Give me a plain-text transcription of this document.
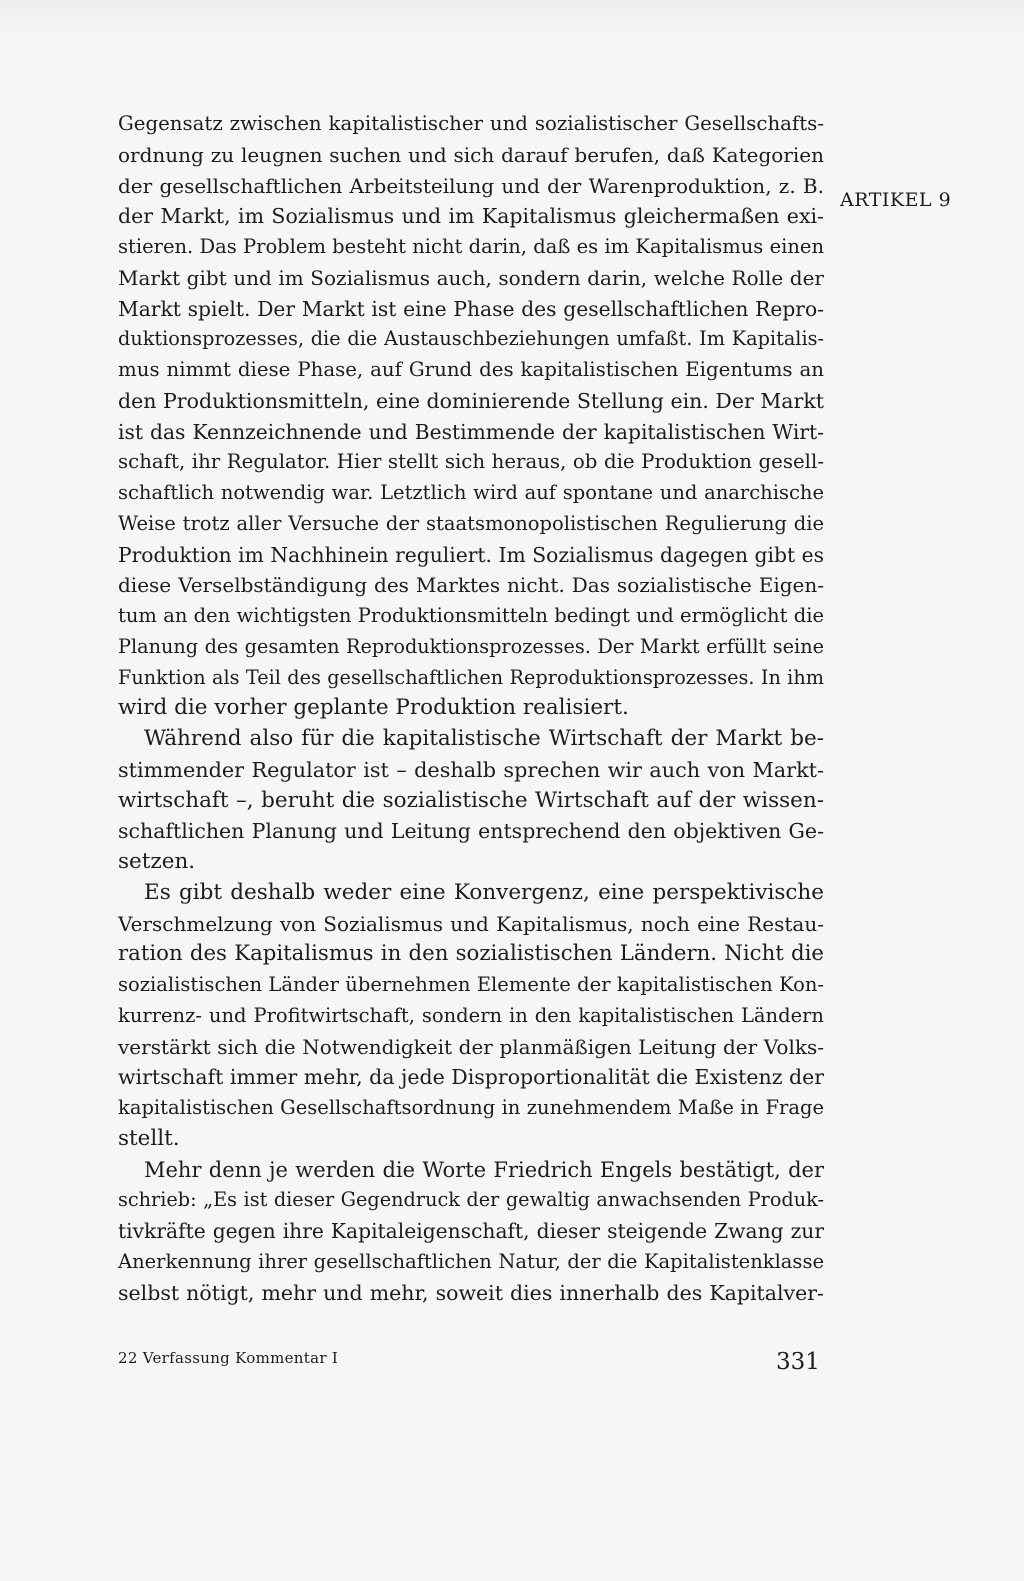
Gegensatz zwischen kapitalistischer und sozialistischer Gesellschafts-
ordnung zu leugnen suchen und sich darauf berufen, daß Kategorien
der gesellschaftlichen Arbeitsteilung und der Warenproduktion, z. B.
der Markt, im Sozialismus und im Kapitalismus gleichermaßen exi-
stieren. Das Problem besteht nicht darin, daß es im Kapitalismus einen
Markt gibt und im Sozialismus auch, sondern darin, welche Rolle der
Markt spielt. Der Markt ist eine Phase des gesellschaftlichen Repro-
duktionsprozesses, die die Austauschbeziehungen umfaßt. Im Kapitalis-
mus nimmt diese Phase, auf Grund des kapitalistischen Eigentums an
den Produktionsmitteln, eine dominierende Stellung ein. Der Markt
ist das Kennzeichnende und Bestimmende der kapitalistischen Wirt-
schaft, ihr Regulator. Hier stellt sich heraus, ob die Produktion gesell-
schaftlich notwendig war. Letztlich wird auf spontane und anarchische
Weise trotz aller Versuche der staatsmonopolistischen Regulierung die
Produktion im Nachhinein reguliert. Im Sozialismus dagegen gibt es
diese Verselbständigung des Marktes nicht. Das sozialistische Eigen-
tum an den wichtigsten Produktionsmitteln bedingt und ermöglicht die
Planung des gesamten Reproduktionsprozesses. Der Markt erfüllt seine
Funktion als Teil des gesellschaftlichen Reproduktionsprozesses. In ihm
wird die vorher geplante Produktion realisiert.
Während also für die kapitalistische Wirtschaft der Markt be-
stimmender Regulator ist – deshalb sprechen wir auch von Markt-
wirtschaft –, beruht die sozialistische Wirtschaft auf der wissen-
schaftlichen Planung und Leitung entsprechend den objektiven Ge-
setzen.
Es gibt deshalb weder eine Konvergenz, eine perspektivische
Verschmelzung von Sozialismus und Kapitalismus, noch eine Restau-
ration des Kapitalismus in den sozialistischen Ländern. Nicht die
sozialistischen Länder übernehmen Elemente der kapitalistischen Kon-
kurrenz- und Profitwirtschaft, sondern in den kapitalistischen Ländern
verstärkt sich die Notwendigkeit der planmäßigen Leitung der Volks-
wirtschaft immer mehr, da jede Disproportionalität die Existenz der
kapitalistischen Gesellschaftsordnung in zunehmendem Maße in Frage
stellt.
Mehr denn je werden die Worte Friedrich Engels bestätigt, der
schrieb: „Es ist dieser Gegendruck der gewaltig anwachsenden Produk-
tivkräfte gegen ihre Kapitaleigenschaft, dieser steigende Zwang zur
Anerkennung ihrer gesellschaftlichen Natur, der die Kapitalistenklasse
selbst nötigt, mehr und mehr, soweit dies innerhalb des Kapitalver-
ARTIKEL 9
22 Verfassung Kommentar I	331
